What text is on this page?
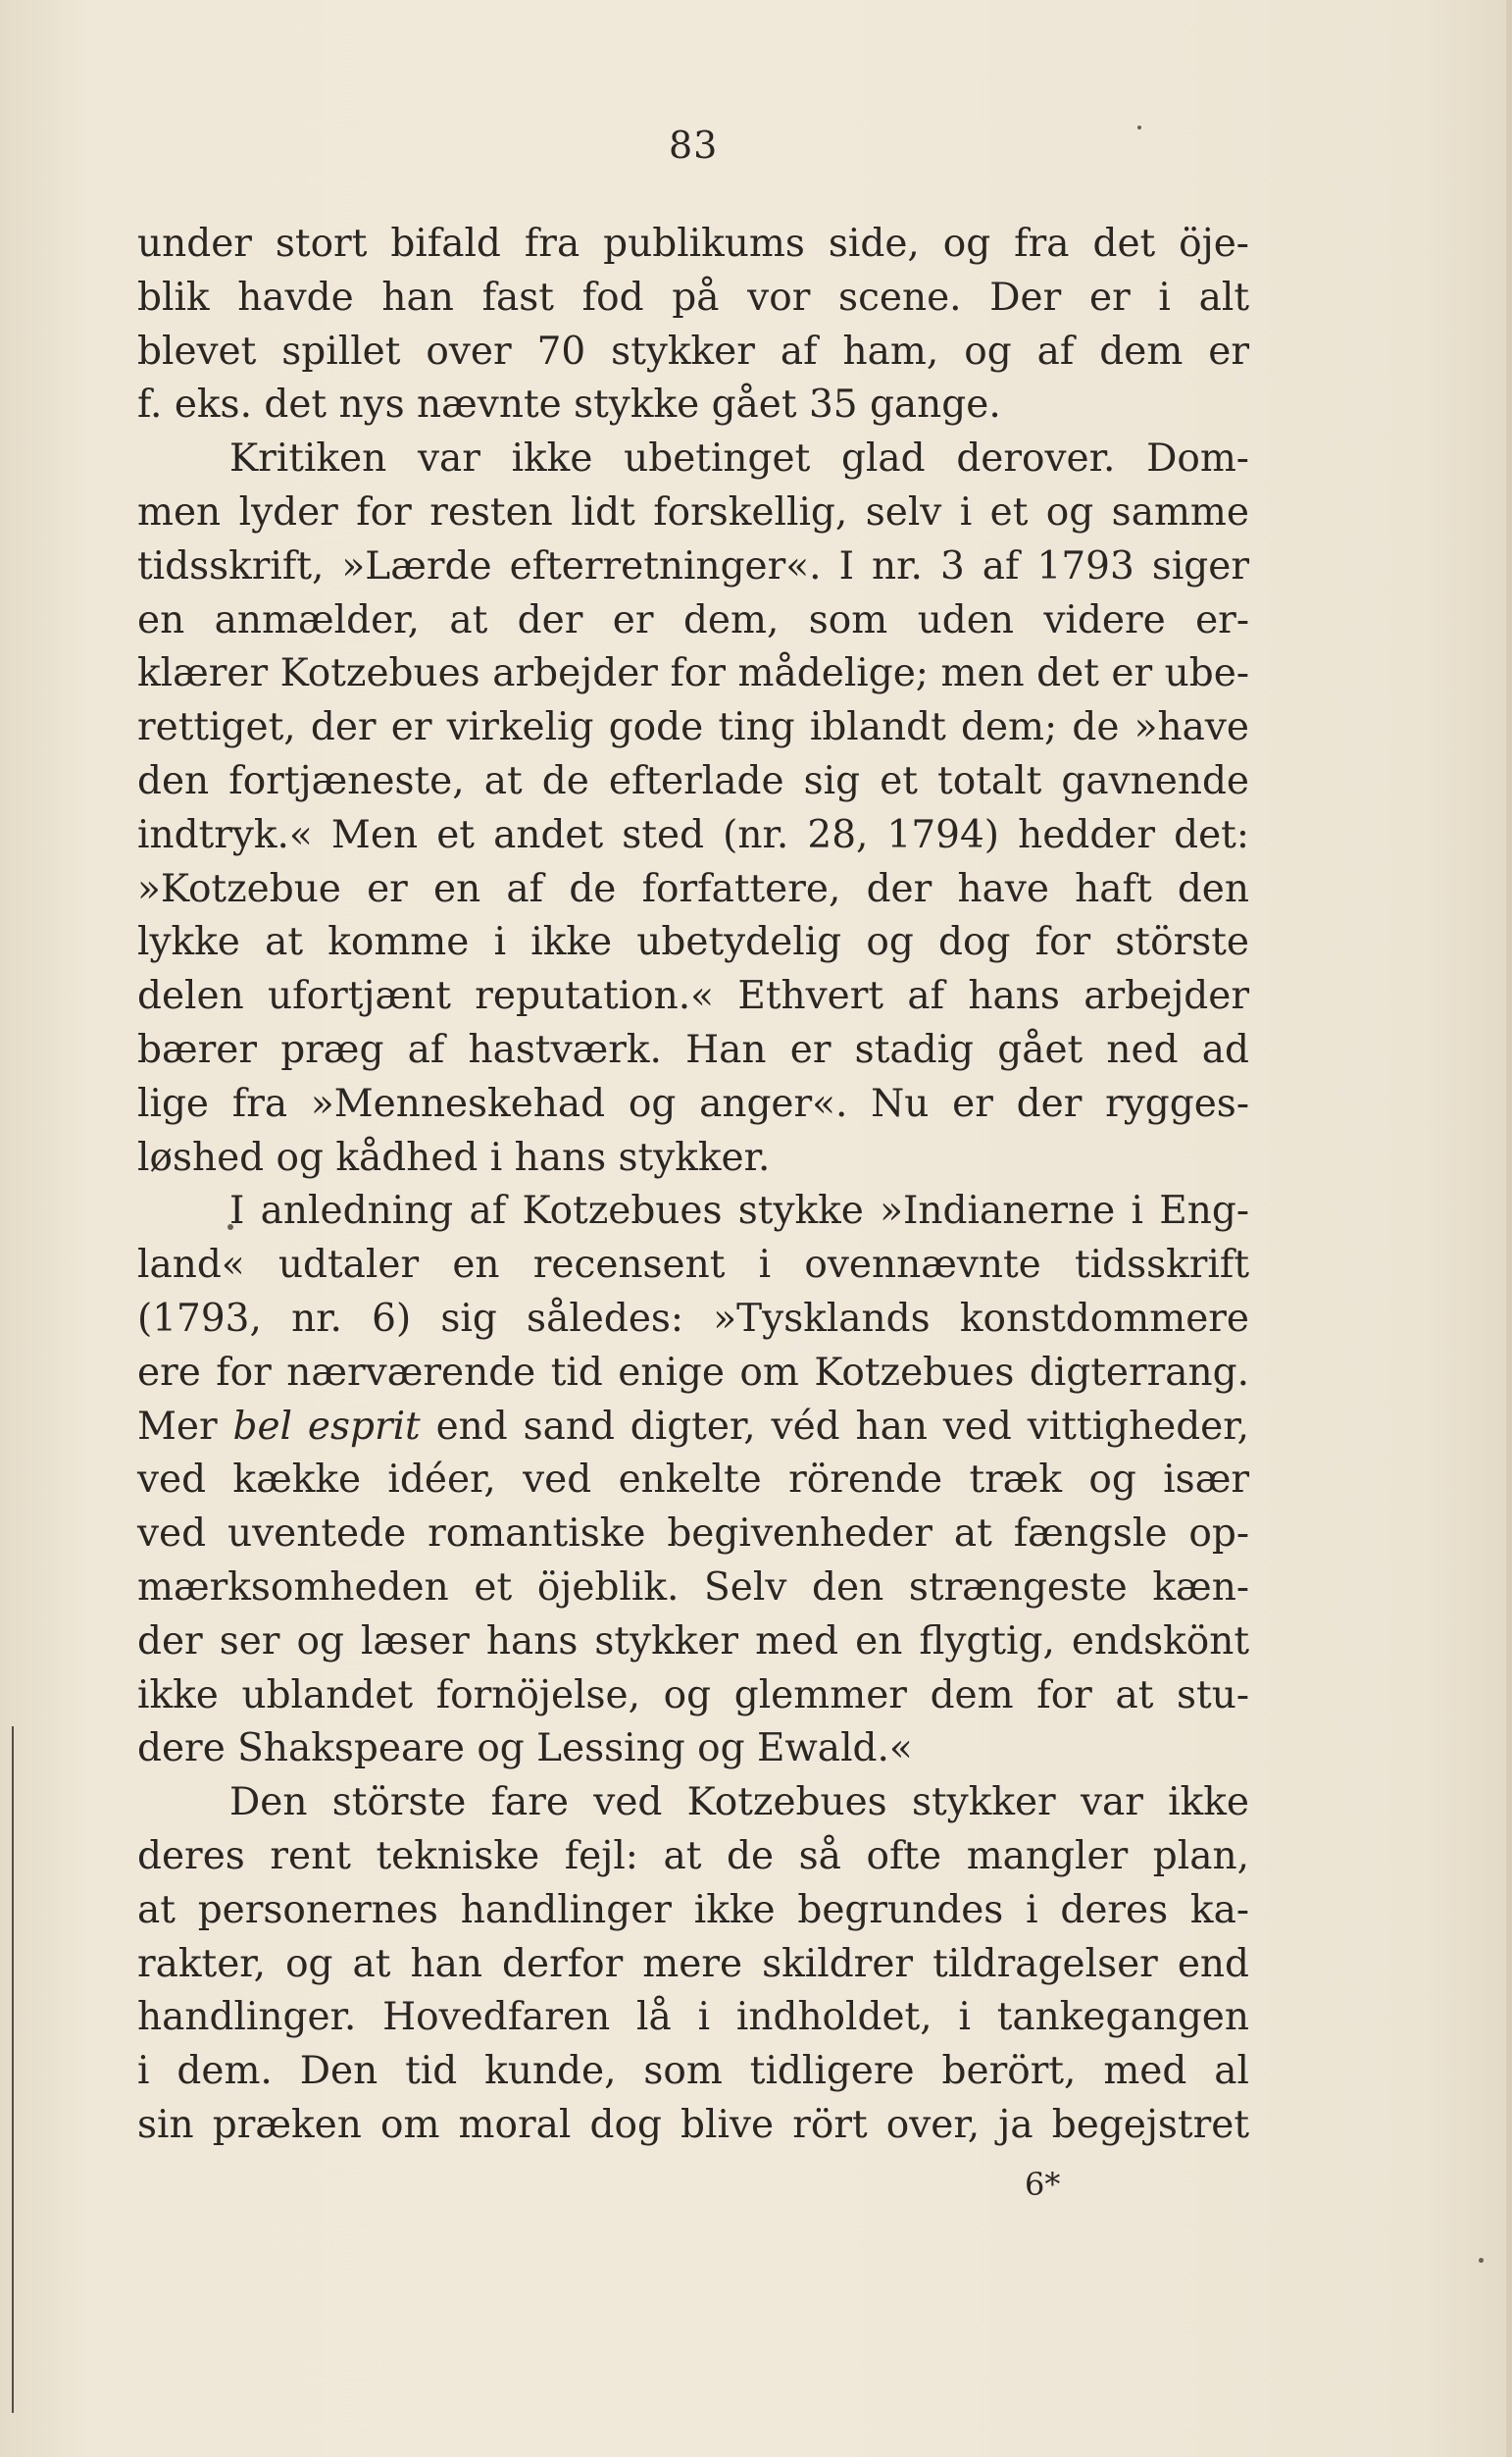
83
under stort bifald fra publikums side, og fra det öje-
blik havde han fast fod på vor scene. Der er i alt
blevet spillet over 70 stykker af ham, og af dem er
f. eks. det nys nævnte stykke gået 35 gange.
Kritiken var ikke ubetinget glad derover. Dom-
men lyder for resten lidt forskellig, selv i et og samme
tidsskrift, »Lærde efterretninger«. I nr. 3 af 1793 siger
en anmælder, at der er dem, som uden videre er-
klærer Kotzebues arbejder for mådelige; men det er ube-
rettiget, der er virkelig gode ting iblandt dem; de »have
den fortjæneste, at de efterlade sig et totalt gavnende
indtryk.« Men et andet sted (nr. 28, 1794) hedder det:
»Kotzebue er en af de forfattere, der have haft den
lykke at komme i ikke ubetydelig og dog for störste
delen ufortjænt reputation.« Ethvert af hans arbejder
bærer præg af hastværk. Han er stadig gået ned ad
lige fra »Menneskehad og anger«. Nu er der rygges-
løshed og kådhed i hans stykker.
I anledning af Kotzebues stykke »Indianerne i Eng-
land« udtaler en recensent i ovennævnte tidsskrift
(1793, nr. 6) sig således: »Tysklands konstdommere
ere for nærværende tid enige om Kotzebues digterrang.
Mer bel esprit end sand digter, véd han ved vittigheder,
ved kække idéer, ved enkelte rörende træk og især
ved uventede romantiske begivenheder at fængsle op-
mærksomheden et öjeblik. Selv den strængeste kæn-
der ser og læser hans stykker med en flygtig, endskönt
ikke ublandet fornöjelse, og glemmer dem for at stu-
dere Shakspeare og Lessing og Ewald.«
Den störste fare ved Kotzebues stykker var ikke
deres rent tekniske fejl: at de så ofte mangler plan,
at personernes handlinger ikke begrundes i deres ka-
rakter, og at han derfor mere skildrer tildragelser end
handlinger. Hovedfaren lå i indholdet, i tankegangen
i dem. Den tid kunde, som tidligere berört, med al
sin præken om moral dog blive rört over, ja begejstret
6*
